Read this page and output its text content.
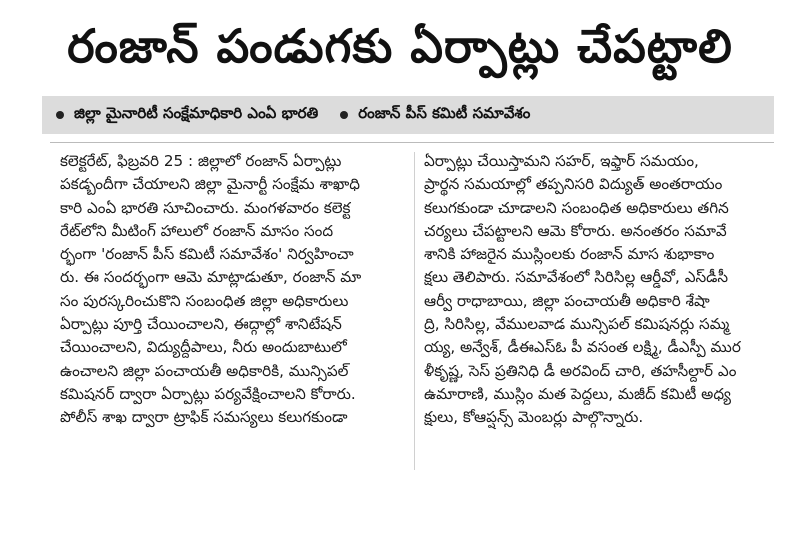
రంజాన్ పండుగకు ఏర్పాట్లు చేపట్టాలి
జిల్లా మైనారిటీ సంక్షేమాధికారి ఎంఏ భారతి	రంజాన్ పీస్ కమిటీ సమావేశం
కలెక్టరేట్, ఫిబ్రవరి 25 : జిల్లాలో రంజాన్ ఏర్పాట్లు
పకడ్బందీగా చేయాలని జిల్లా మైనార్టీ సంక్షేమ శాఖాధి
కారి ఎంఏ భారతి సూచించారు. మంగళవారం కలెక్ట
రేట్‌లోని మీటింగ్ హాలులో రంజాన్ మాసం సంద
ర్భంగా 'రంజాన్ పీస్ కమిటీ సమావేశం' నిర్వహించా
రు. ఈ సందర్భంగా ఆమె మాట్లాడుతూ, రంజాన్ మా
సం పురస్కరించుకొని సంబంధిత జిల్లా అధికారులు
ఏర్పాట్లు పూర్తి చేయించాలని, ఈద్గాల్లో శానిటేషన్
చేయించాలని, విద్యుద్దీపాలు, నీరు అందుబాటులో
ఉంచాలని జిల్లా పంచాయతీ అధికారికి, మున్సిపల్
కమిషనర్ ద్వారా ఏర్పాట్లు పర్యవేక్షించాలని కోరారు.
పోలీస్ శాఖ ద్వారా ట్రాఫిక్ సమస్యలు కలుగకుండా
ఏర్పాట్లు చేయిస్తామని సహర్, ఇఫ్తార్ సమయం,
ప్రార్థన సమయాల్లో తప్పనిసరి విద్యుత్ అంతరాయం
కలుగకుండా చూడాలని సంబంధిత అధికారులు తగిన
చర్యలు చేపట్టాలని ఆమె కోరారు. అనంతరం సమావే
శానికి హాజరైన ముస్లింలకు రంజాన్ మాస శుభాకాం
క్షలు తెలిపారు. సమావేశంలో సిరిసిల్ల ఆర్డీవో, ఎస్‌డీసీ
ఆర్వీ రాధాబాయి, జిల్లా పంచాయతీ అధికారి శేషా
ద్రి, సిరిసిల్ల, వేములవాడ మున్సిపల్ కమిషనర్లు సమ్మ
య్య, అన్వేశ్, డీఈఎస్ఓ పీ వసంత లక్ష్మి, డీఎస్పీ ముర
ళీకృష్ణ, సెస్ ప్రతినిధి డీ అరవింద్ చారి, తహసీల్దార్ ఎం
ఉమారాణి, ముస్లిం మత పెద్దలు, మజీద్ కమిటీ అధ్య
క్షులు, కోఆప్షన్స్ మెంబర్లు పాల్గొన్నారు.
